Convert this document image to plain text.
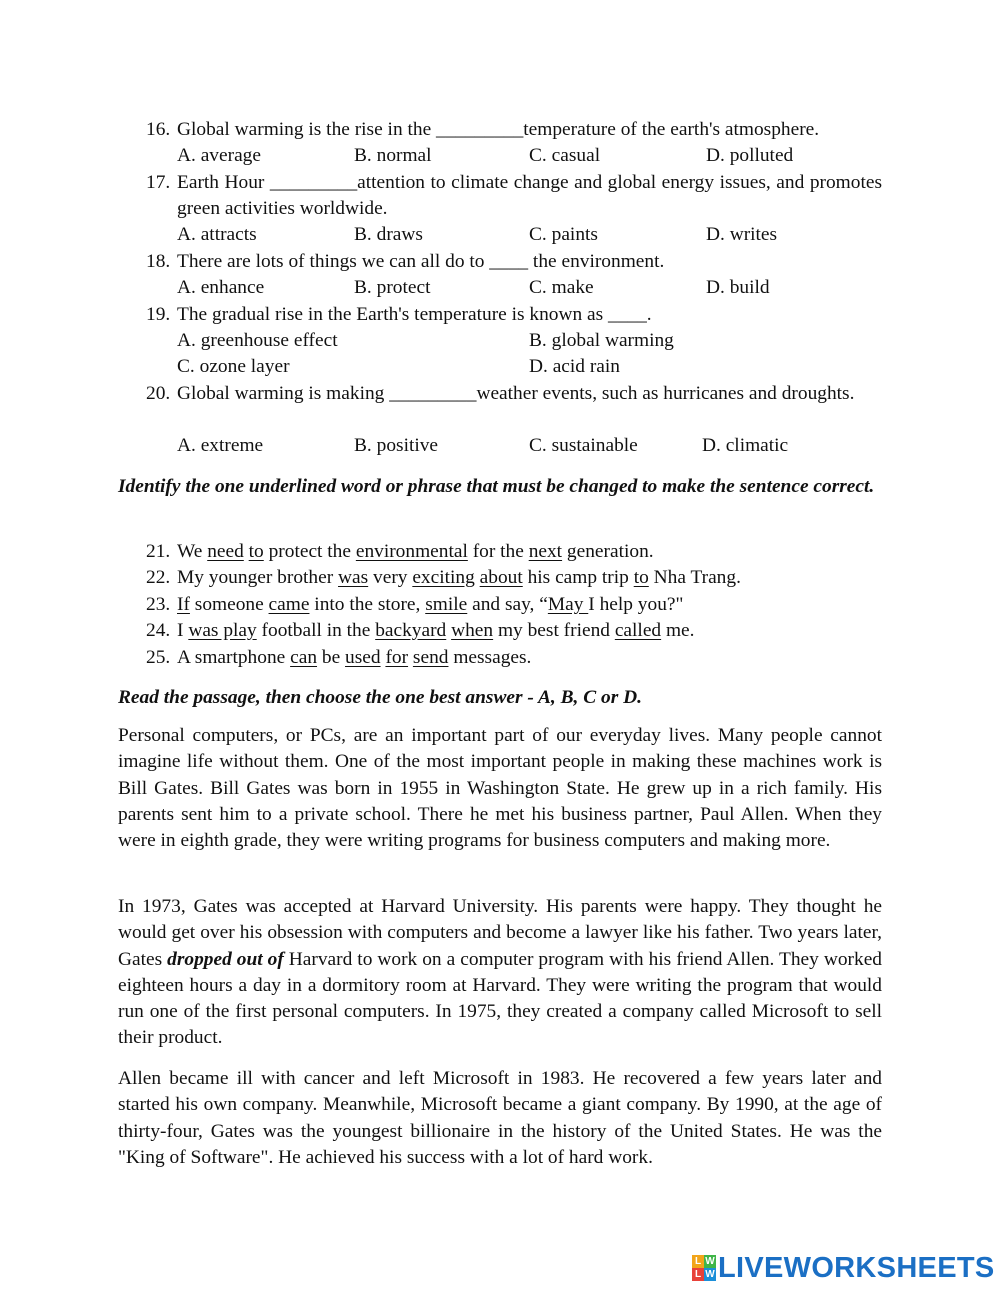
16. Global warming is the rise in the _________temperature of the earth's atmosphere.
A. average	B. normal	C. casual	D. polluted
17. Earth Hour _________attention to climate change and global energy issues, and promotes green activities worldwide.
A. attracts	B. draws	C. paints	D. writes
18. There are lots of things we can all do to ____ the environment.
A. enhance	B. protect	C. make	D. build
19. The gradual rise in the Earth's temperature is known as ____.
A. greenhouse effect	B. global warming
C. ozone layer	D. acid rain
20. Global warming is making _________weather events, such as hurricanes and droughts.
A. extreme	B. positive	C. sustainable	D. climatic
Identify the one underlined word or phrase that must be changed to make the sentence correct.
21. We need to protect the environmental for the next generation.
22. My younger brother was very exciting about his camp trip to Nha Trang.
23. If someone came into the store, smile and say, “May I help you?"
24. I was play football in the backyard when my best friend called me.
25. A smartphone can be used for send messages.
Read the passage, then choose the one best answer - A, B, C or D.
Personal computers, or PCs, are an important part of our everyday lives. Many people cannot imagine life without them. One of the most important people in making these machines work is Bill Gates. Bill Gates was born in 1955 in Washington State. He grew up in a rich family. His parents sent him to a private school. There he met his business partner, Paul Allen. When they were in eighth grade, they were writing programs for business computers and making more.
In 1973, Gates was accepted at Harvard University. His parents were happy. They thought he would get over his obsession with computers and become a lawyer like his father. Two years later, Gates dropped out of Harvard to work on a computer program with his friend Allen. They worked eighteen hours a day in a dormitory room at Harvard. They were writing the program that would run one of the first personal computers. In 1975, they created a company called Microsoft to sell their product.
Allen became ill with cancer and left Microsoft in 1983. He recovered a few years later and started his own company. Meanwhile, Microsoft became a giant company. By 1990, at the age of thirty-four, Gates was the youngest billionaire in the history of the United States. He was the "King of Software". He achieved his success with a lot of hard work.
L W
L W LIVEWORKSHEETS
